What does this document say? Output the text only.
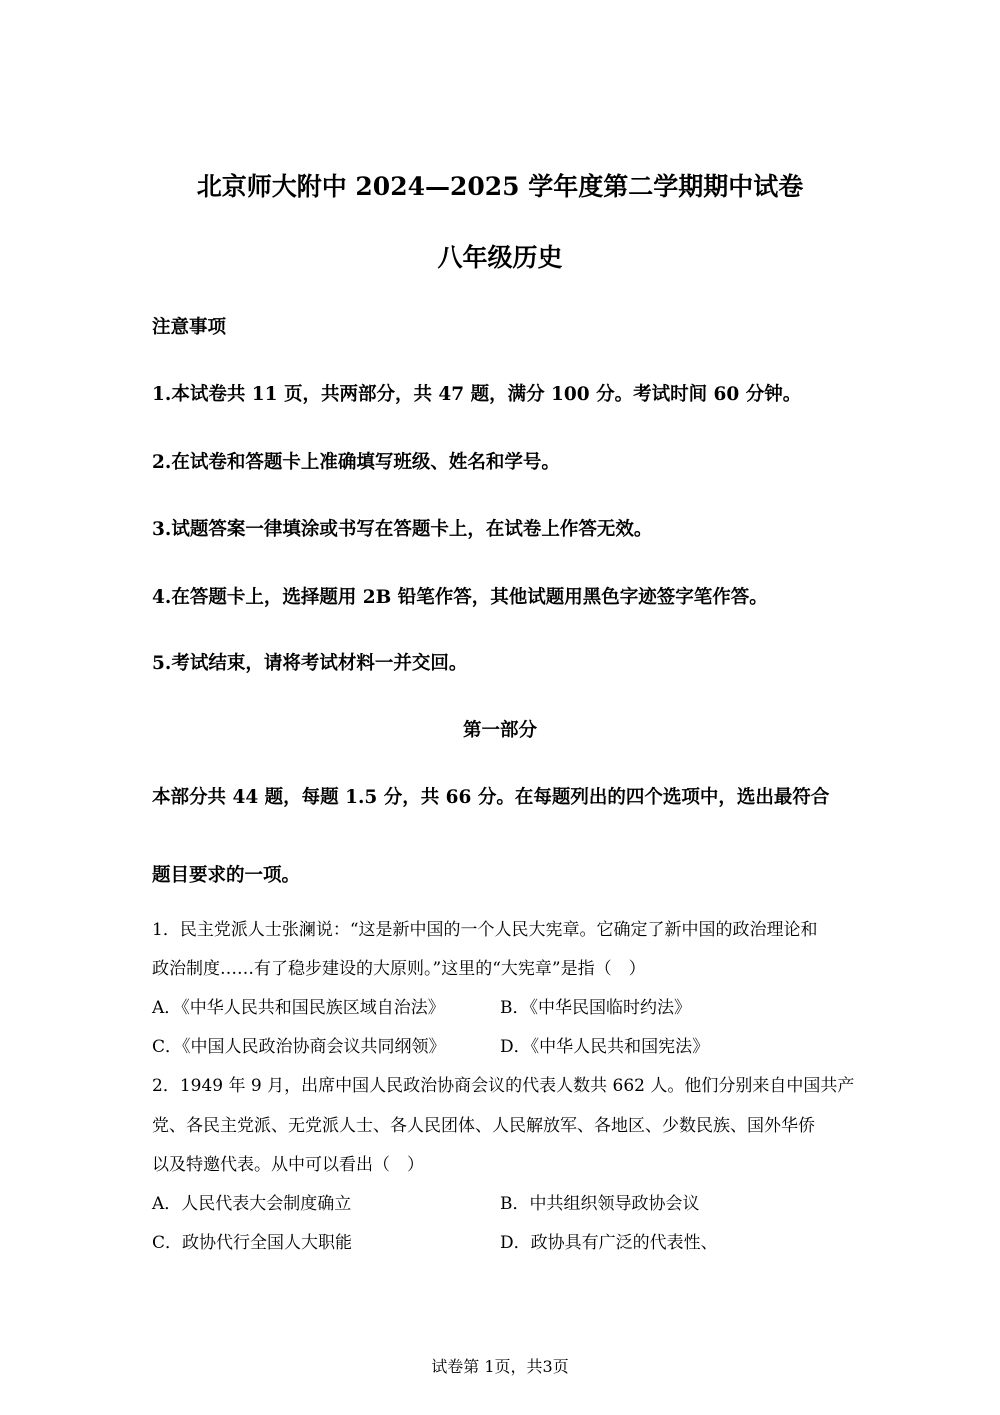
北京师大附中 2024—2025 学年度第二学期期中试卷
八年级历史
注意事项
1.本试卷共 11 页，共两部分，共 47 题，满分 100 分。考试时间 60 分钟。
2.在试卷和答题卡上准确填写班级、姓名和学号。
3.试题答案一律填涂或书写在答题卡上，在试卷上作答无效。
4.在答题卡上，选择题用 2B 铅笔作答，其他试题用黑色字迹签字笔作答。
5.考试结束，请将考试材料一并交回。
第一部分
本部分共 44 题，每题 1.5 分，共 66 分。在每题列出的四个选项中，选出最符合
题目要求的一项。
1．民主党派人士张澜说：“这是新中国的一个人民大宪章。它确定了新中国的政治理论和
政治制度……有了稳步建设的大原则。”这里的“大宪章”是指（　）
A．《中华人民共和国民族区域自治法》	B．《中华民国临时约法》
C．《中国人民政治协商会议共同纲领》	D．《中华人民共和国宪法》
2．1949 年 9 月，出席中国人民政治协商会议的代表人数共 662 人。他们分别来自中国共产
党、各民主党派、无党派人士、各人民团体、人民解放军、各地区、少数民族、国外华侨
以及特邀代表。从中可以看出（　）
A．人民代表大会制度确立	B．中共组织领导政协会议
C．政协代行全国人大职能	D．政协具有广泛的代表性、
试卷第 1页，共3页
